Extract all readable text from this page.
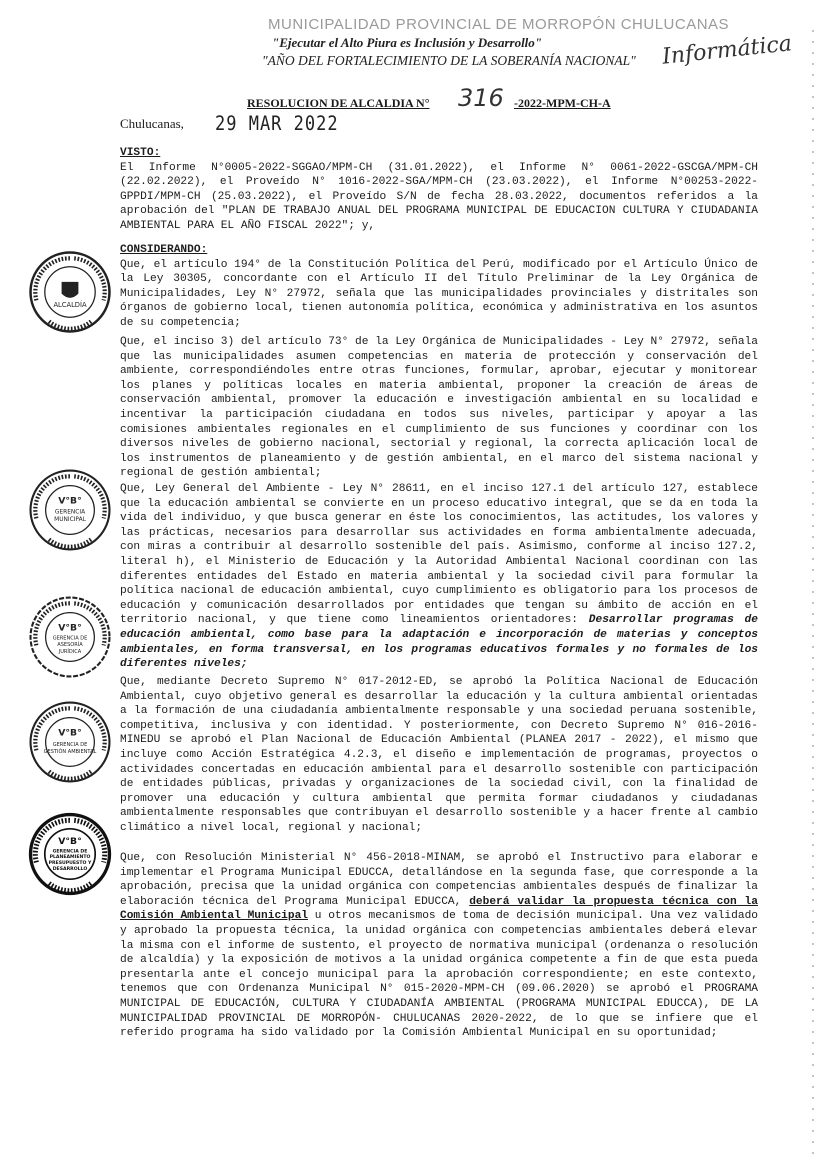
MUNICIPALIDAD PROVINCIAL DE MORROPÓN CHULUCANAS
"Ejecutar el Alto Piura es Inclusión y Desarrollo"
"AÑO DEL FORTALECIMIENTO DE LA SOBERANÍA NACIONAL" Informática
RESOLUCION DE ALCALDIA N° 316 -2022-MPM-CH-A
Chulucanas, 29 MAR 2022

VISTO:

El Informe N°0005-2022-SGGAO/MPM-CH (31.01.2022), el Informe N° 0061-2022-GSCGA/MPM-CH (22.02.2022), el Proveído N° 1016-2022-SGA/MPM-CH (23.03.2022), el Informe N°00253-2022-GPPDI/MPM-CH (25.03.2022), el Proveído S/N de fecha 28.03.2022, documentos referidos a la aprobación del "PLAN DE TRABAJO ANUAL DEL PROGRAMA MUNICIPAL DE EDUCACION CULTURA Y CIUDADANIA AMBIENTAL PARA EL AÑO FISCAL 2022"; y,

CONSIDERANDO:

Que, el artículo 194° de la Constitución Política del Perú, modificado por el Artículo Único de la Ley 30305, concordante con el Artículo II del Título Preliminar de la Ley Orgánica de Municipalidades, Ley N° 27972, señala que las municipalidades provinciales y distritales son órganos de gobierno local, tienen autonomía política, económica y administrativa en los asuntos de su competencia;

Que, el inciso 3) del artículo 73° de la Ley Orgánica de Municipalidades - Ley N° 27972, señala que las municipalidades asumen competencias en materia de protección y conservación del ambiente, correspondiéndoles entre otras funciones, formular, aprobar, ejecutar y monitorear los planes y políticas locales en materia ambiental, proponer la creación de áreas de conservación ambiental, promover la educación e investigación ambiental en su localidad e incentivar la participación ciudadana en todos sus niveles, participar y apoyar a las comisiones ambientales regionales en el cumplimiento de sus funciones y coordinar con los diversos niveles de gobierno nacional, sectorial y regional, la correcta aplicación local de los instrumentos de planeamiento y de gestión ambiental, en el marco del sistema nacional y regional de gestión ambiental;

Que, Ley General del Ambiente - Ley N° 28611, en el inciso 127.1 del artículo 127, establece que la educación ambiental se convierte en un proceso educativo integral, que se da en toda la vida del individuo, y que busca generar en éste los conocimientos, las actitudes, los valores y las prácticas, necesarios para desarrollar sus actividades en forma ambientalmente adecuada, con miras a contribuir al desarrollo sostenible del país. Asimismo, conforme al inciso 127.2, literal h), el Ministerio de Educación y la Autoridad Ambiental Nacional coordinan con las diferentes entidades del Estado en materia ambiental y la sociedad civil para formular la política nacional de educación ambiental, cuyo cumplimiento es obligatorio para los procesos de educación y comunicación desarrollados por entidades que tengan su ámbito de acción en el territorio nacional, y que tiene como lineamientos orientadores: Desarrollar programas de educación ambiental, como base para la adaptación e incorporación de materias y conceptos ambientales, en forma transversal, en los programas educativos formales y no formales de los diferentes niveles;

Que, mediante Decreto Supremo N° 017-2012-ED, se aprobó la Política Nacional de Educación Ambiental, cuyo objetivo general es desarrollar la educación y la cultura ambiental orientadas a la formación de una ciudadanía ambientalmente responsable y una sociedad peruana sostenible, competitiva, inclusiva y con identidad. Y posteriormente, con Decreto Supremo N° 016-2016-MINEDU se aprobó el Plan Nacional de Educación Ambiental (PLANEA 2017 - 2022), el mismo que incluye como Acción Estratégica 4.2.3, el diseño e implementación de programas, proyectos o actividades concertadas en educación ambiental para el desarrollo sostenible con participación de entidades públicas, privadas y organizaciones de la sociedad civil, con la finalidad de promover una educación y cultura ambiental que permita formar ciudadanos y ciudadanas ambientalmente responsables que contribuyan el desarrollo sostenible y a hacer frente al cambio climático a nivel local, regional y nacional;

Que, con Resolución Ministerial N° 456-2018-MINAM, se aprobó el Instructivo para elaborar e implementar el Programa Municipal EDUCCA, detallándose en la segunda fase, que corresponde a la aprobación, precisa que la unidad orgánica con competencias ambientales después de finalizar la elaboración técnica del Programa Municipal EDUCCA, deberá validar la propuesta técnica con la Comisión Ambiental Municipal u otros mecanismos de toma de decisión municipal. Una vez validado y aprobado la propuesta técnica, la unidad orgánica con competencias ambientales deberá elevar la misma con el informe de sustento, el proyecto de normativa municipal (ordenanza o resolución de alcaldía) y la exposición de motivos a la unidad orgánica competente a fin de que esta pueda presentarla ante el concejo municipal para la aprobación correspondiente; en este contexto, tenemos que con Ordenanza Municipal N° 015-2020-MPM-CH (09.06.2020) se aprobó el PROGRAMA MUNICIPAL DE EDUCACIÓN, CULTURA Y CIUDADANÍA AMBIENTAL (PROGRAMA MUNICIPAL EDUCCA), DE LA MUNICIPALIDAD PROVINCIAL DE MORROPÓN- CHULUCANAS 2020-2022, de lo que se infiere que el referido programa ha sido validado por la Comisión Ambiental Municipal en su oportunidad;

ALCALDÍA
V°B°
GERENCIA
MUNICIPAL
V°B°
GERENCIA DE
ASESORÍA
JURÍDICA
V°B°
GERENCIA DE
GESTIÓN AMBIENTAL
V°B°
GERENCIA DE
PLANEAMIENTO
PRESUPUESTO Y
DESARROLLO
